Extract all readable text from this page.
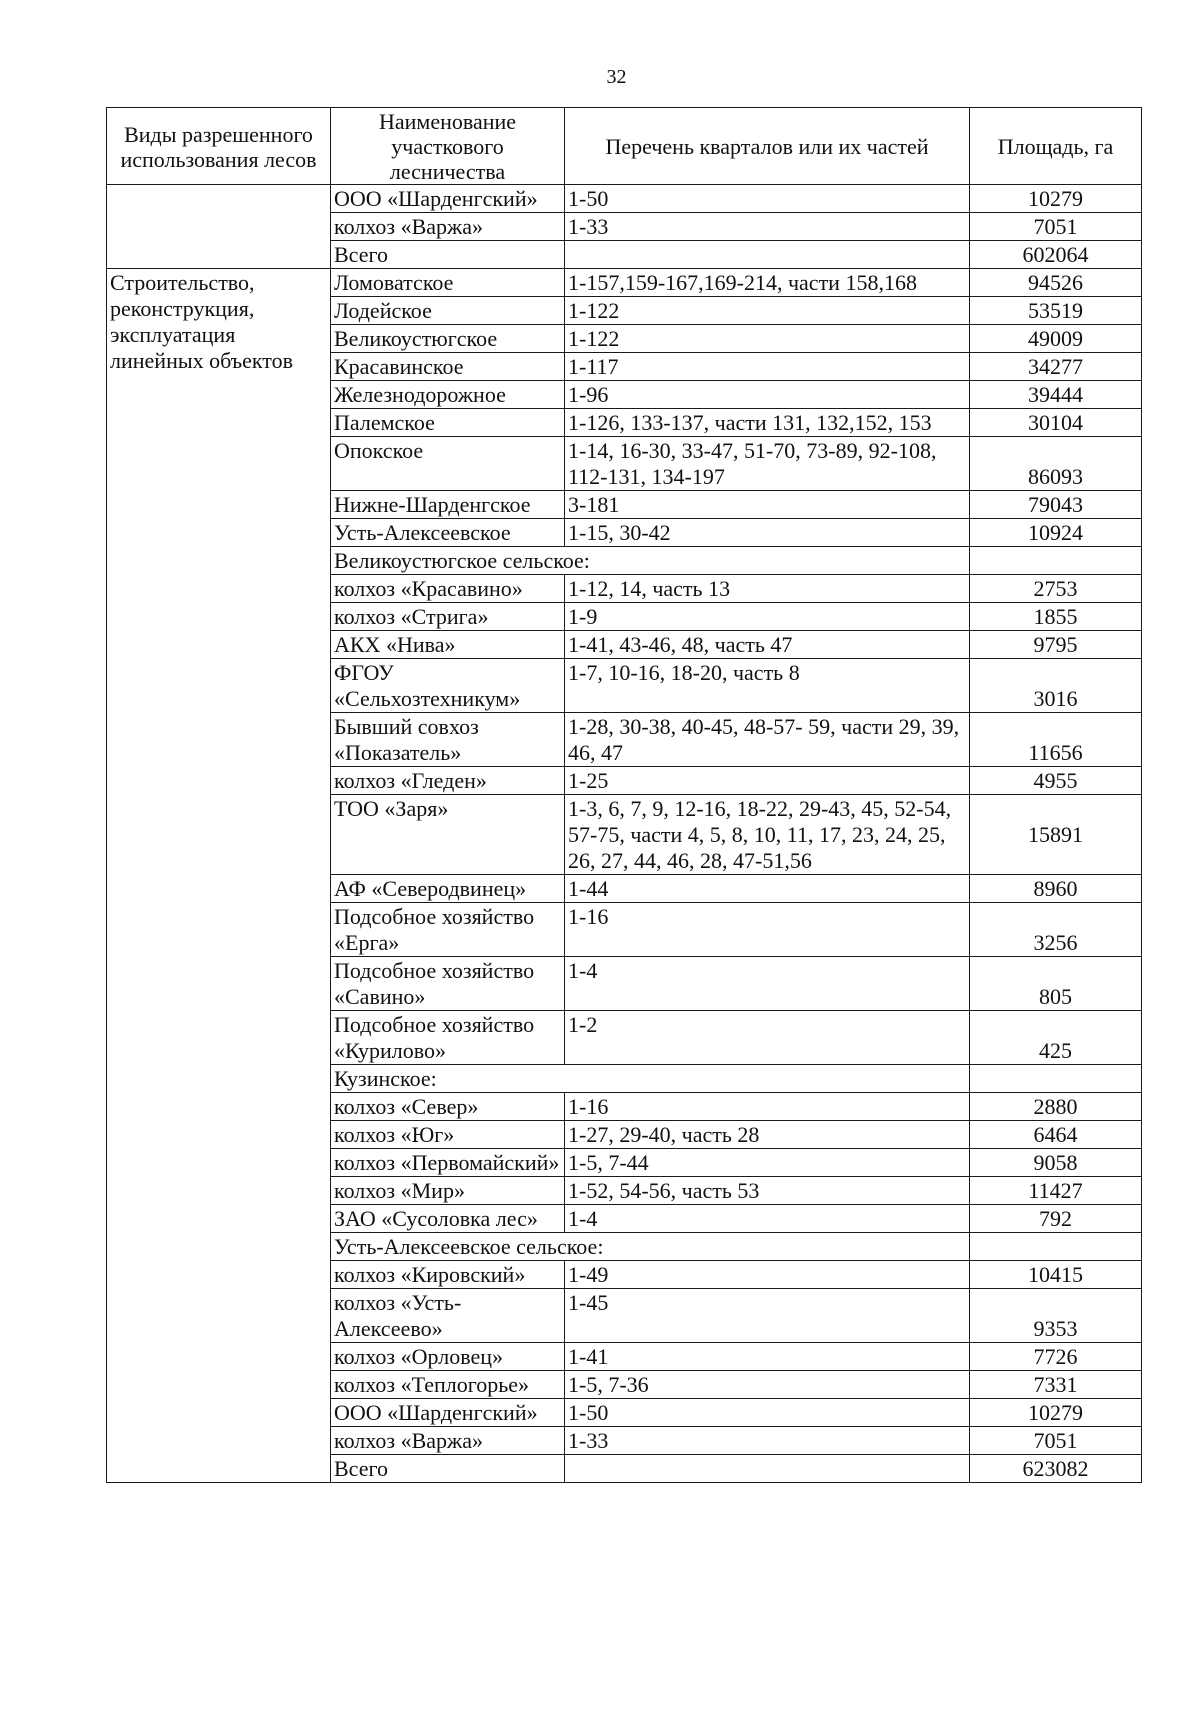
32
Виды разрешенного использования лесов	Наименование участкового лесничества	Перечень кварталов или их частей	Площадь, га
	ООО «Шарденгский»	1-50	10279
	колхоз «Варжа»	1-33	7051
	Всего		602064
Строительство, реконструкция, эксплуатация линейных объектов	Ломоватское	1-157,159-167,169-214, части 158,168	94526
	Лодейское	1-122	53519
	Великоустюгское	1-122	49009
	Красавинское	1-117	34277
	Железнодорожное	1-96	39444
	Палемское	1-126, 133-137, части 131, 132,152, 153	30104
	Опокское	1-14, 16-30, 33-47, 51-70, 73-89, 92-108, 112-131, 134-197	86093
	Нижне-Шарденгское	3-181	79043
	Усть-Алексеевское	1-15, 30-42	10924
	Великоустюгское сельское:		
	колхоз «Красавино»	1-12, 14, часть 13	2753
	колхоз «Стрига»	1-9	1855
	АКХ «Нива»	1-41, 43-46, 48, часть 47	9795
	ФГОУ «Сельхозтехникум»	1-7, 10-16, 18-20, часть 8	3016
	Бывший совхоз «Показатель»	1-28, 30-38, 40-45, 48-57- 59, части 29, 39, 46, 47	11656
	колхоз «Гледен»	1-25	4955
	ТОО «Заря»	1-3, 6, 7, 9, 12-16, 18-22, 29-43, 45, 52-54, 57-75, части 4, 5, 8, 10, 11, 17, 23, 24, 25, 26, 27, 44, 46, 28, 47-51,56	15891
	АФ «Северодвинец»	1-44	8960
	Подсобное хозяйство «Ерга»	1-16	3256
	Подсобное хозяйство «Савино»	1-4	805
	Подсобное хозяйство «Курилово»	1-2	425
	Кузинское:		
	колхоз «Север»	1-16	2880
	колхоз «Юг»	1-27, 29-40, часть 28	6464
	колхоз «Первомайский»	1-5, 7-44	9058
	колхоз «Мир»	1-52, 54-56, часть 53	11427
	ЗАО «Сусоловка лес»	1-4	792
	Усть-Алексеевское сельское:		
	колхоз «Кировский»	1-49	10415
	колхоз «Усть-Алексеево»	1-45	9353
	колхоз «Орловец»	1-41	7726
	колхоз «Теплогорье»	1-5, 7-36	7331
	ООО «Шарденгский»	1-50	10279
	колхоз «Варжа»	1-33	7051
	Всего		623082
